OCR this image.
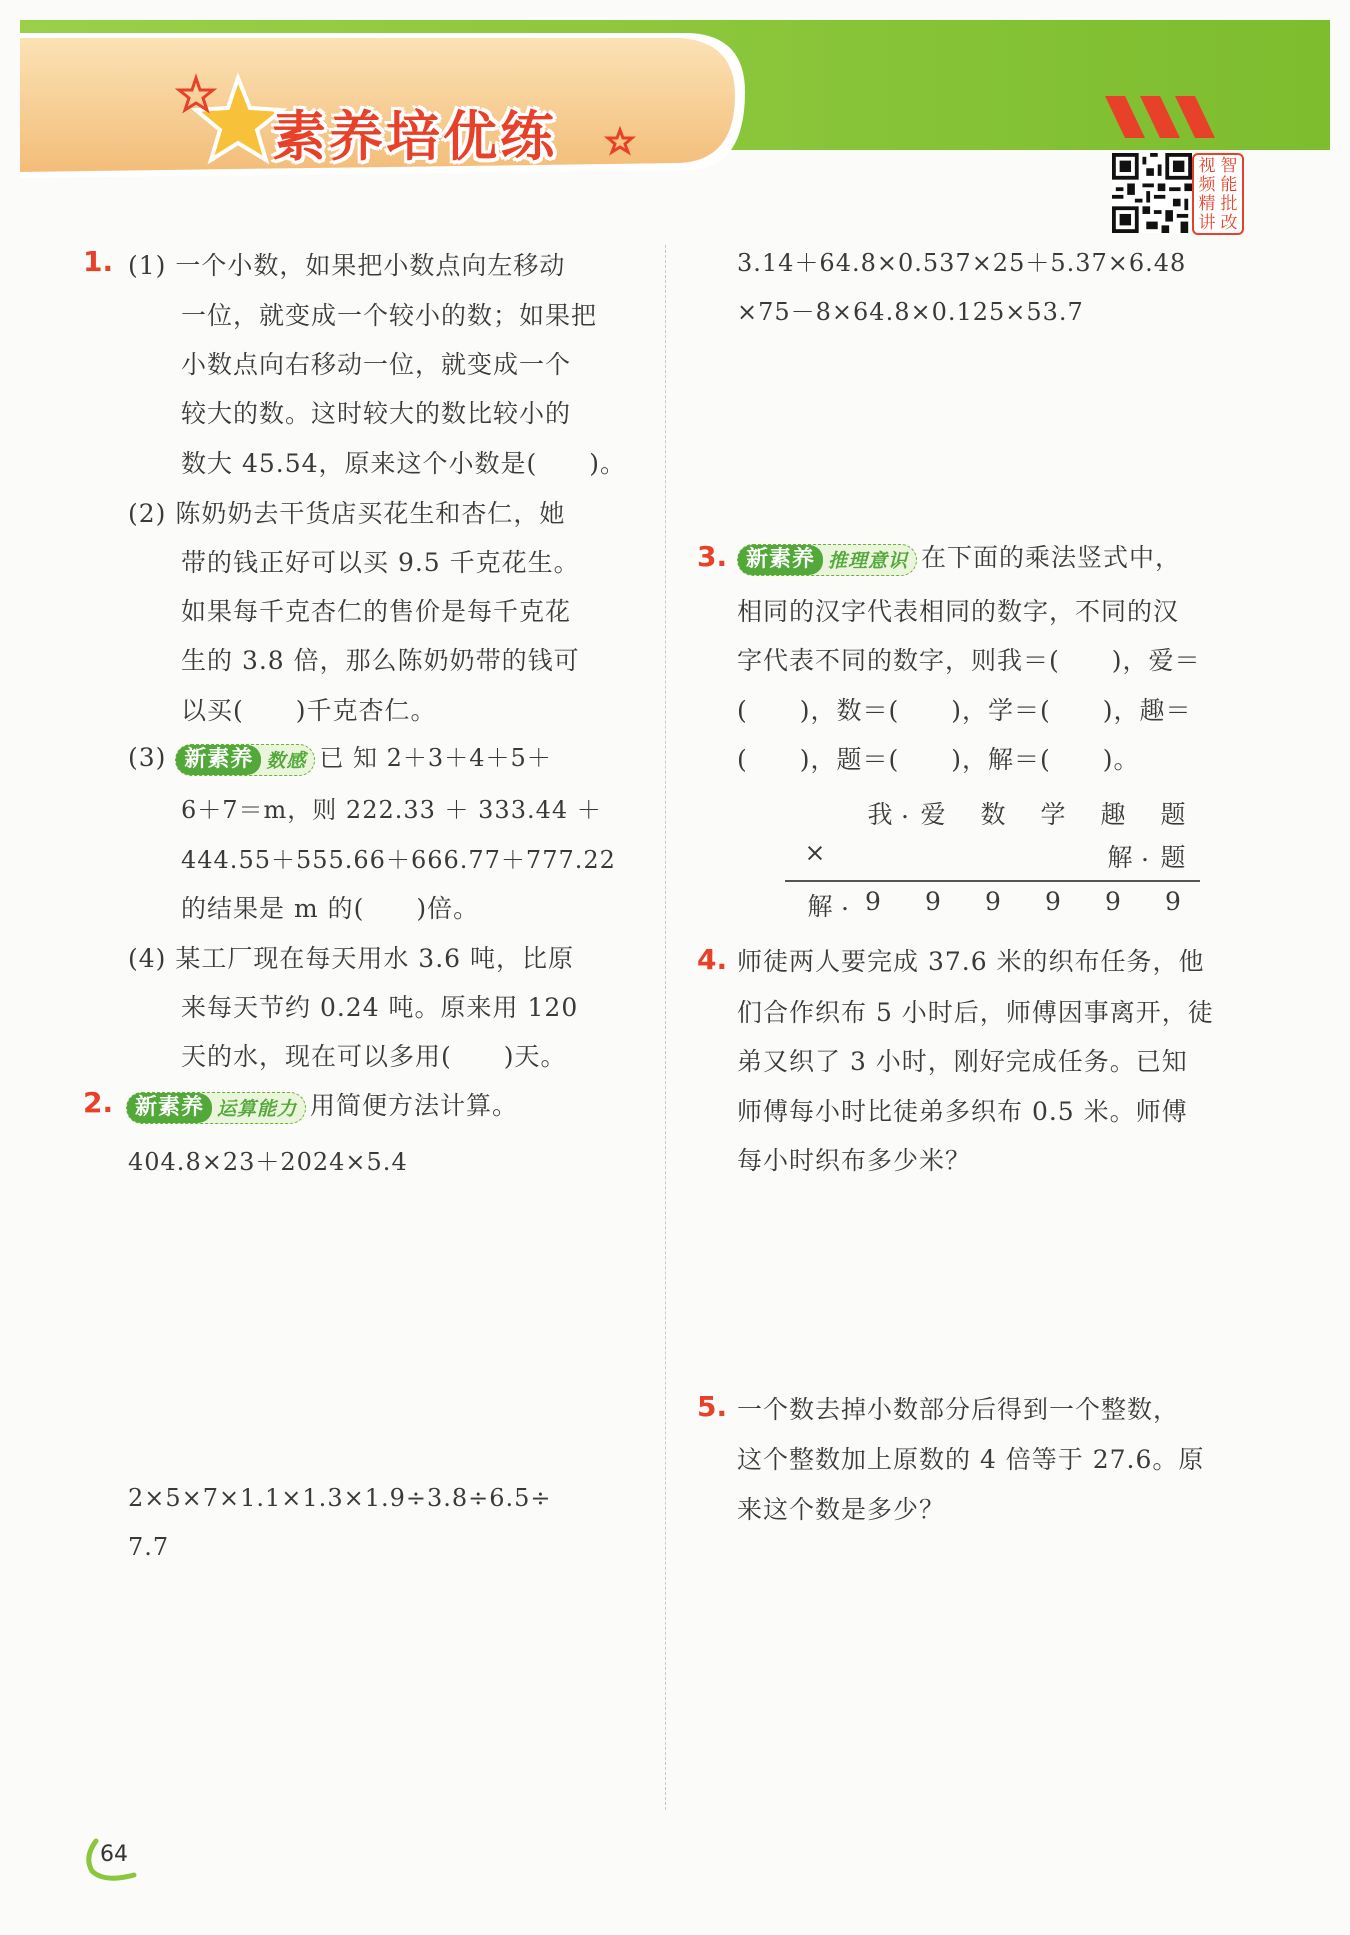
素养培优练	视 智
频 能
精 批
讲 改
1. (1) 一个小数，如果把小数点向左移动
一位，就变成一个较小的数；如果把
小数点向右移动一位，就变成一个
较大的数。这时较大的数比较小的
数大 45.54，原来这个小数是(　　)。
(2) 陈奶奶去干货店买花生和杏仁，她
带的钱正好可以买 9.5 千克花生。
如果每千克杏仁的售价是每千克花
生的 3.8 倍，那么陈奶奶带的钱可
以买(　　)千克杏仁。
(3) 新素养 数感 已 知 2＋3＋4＋5＋
6＋7＝m，则 222.33 ＋ 333.44 ＋
444.55＋555.66＋666.77＋777.22
的结果是 m 的(　　)倍。
(4) 某工厂现在每天用水 3.6 吨，比原
来每天节约 0.24 吨。原来用 120
天的水，现在可以多用(　　)天。
2. 新素养 运算能力 用简便方法计算。
404.8×23＋2024×5.4
2×5×7×1.1×1.3×1.9÷3.8÷6.5÷
7.7
3.14＋64.8×0.537×25＋5.37×6.48
×75－8×64.8×0.125×53.7
3. 新素养 推理意识 在下面的乘法竖式中，
相同的汉字代表相同的数字，不同的汉
字代表不同的数字，则我＝(　　)，爱＝
(　　)，数＝(　　)，学＝(　　)，趣＝
(　　)，题＝(　　)，解＝(　　)。
我 . 爱	数	学	趣	题
×	解 . 题
解 . 9	9	9	9	9	9
4. 师徒两人要完成 37.6 米的织布任务，他
们合作织布 5 小时后，师傅因事离开，徒
弟又织了 3 小时，刚好完成任务。已知
师傅每小时比徒弟多织布 0.5 米。师傅
每小时织布多少米？
5. 一个数去掉小数部分后得到一个整数，
这个整数加上原数的 4 倍等于 27.6。原
来这个数是多少？
64
